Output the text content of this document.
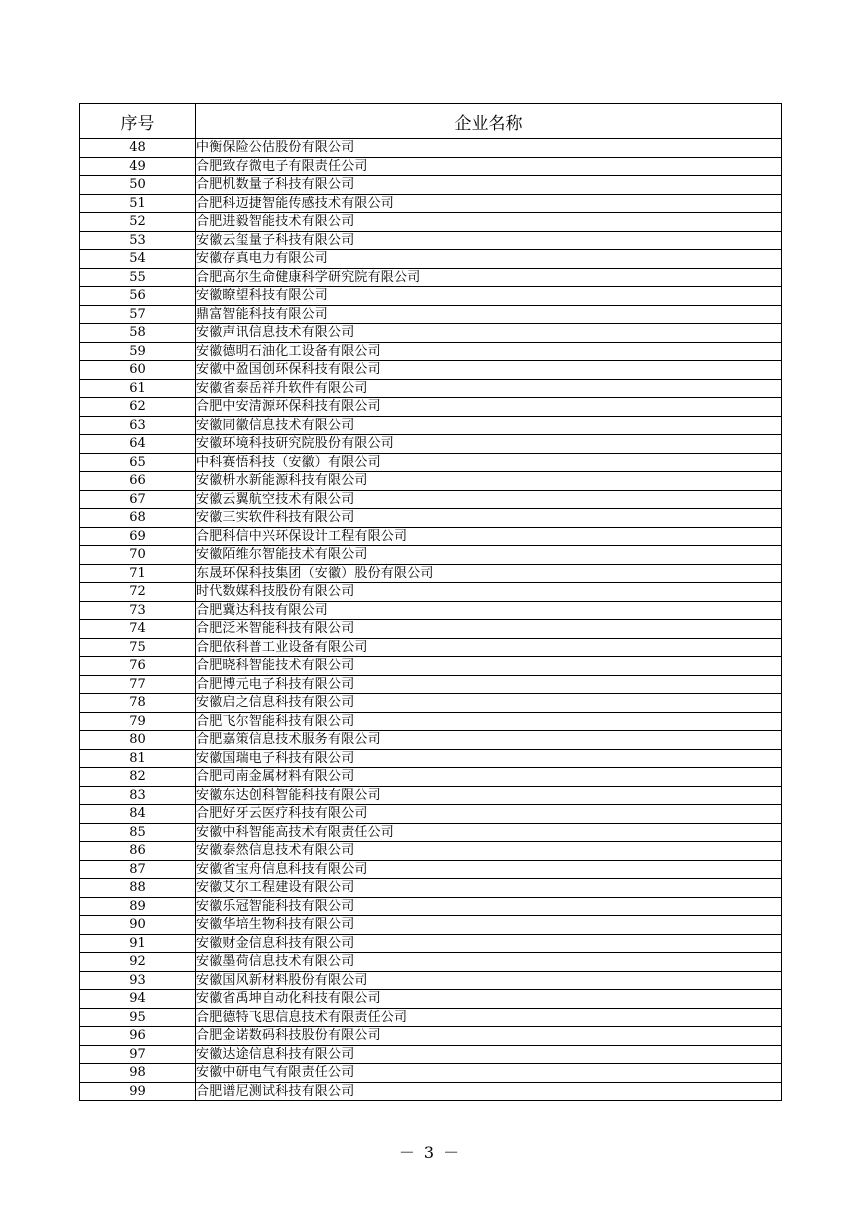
序号	企业名称
48	中衡保险公估股份有限公司
49	合肥致存微电子有限责任公司
50	合肥机数量子科技有限公司
51	合肥科迈捷智能传感技术有限公司
52	合肥进毅智能技术有限公司
53	安徽云玺量子科技有限公司
54	安徽存真电力有限公司
55	合肥高尔生命健康科学研究院有限公司
56	安徽瞭望科技有限公司
57	鼎富智能科技有限公司
58	安徽声讯信息技术有限公司
59	安徽德明石油化工设备有限公司
60	安徽中盈国创环保科技有限公司
61	安徽省泰岳祥升软件有限公司
62	合肥中安清源环保科技有限公司
63	安徽同徽信息技术有限公司
64	安徽环境科技研究院股份有限公司
65	中科赛悟科技（安徽）有限公司
66	安徽枡水新能源科技有限公司
67	安徽云翼航空技术有限公司
68	安徽三实软件科技有限公司
69	合肥科信中兴环保设计工程有限公司
70	安徽陌维尔智能技术有限公司
71	东晟环保科技集团（安徽）股份有限公司
72	时代数媒科技股份有限公司
73	合肥冀达科技有限公司
74	合肥泛米智能科技有限公司
75	合肥依科普工业设备有限公司
76	合肥晓科智能技术有限公司
77	合肥博元电子科技有限公司
78	安徽启之信息科技有限公司
79	合肥飞尔智能科技有限公司
80	合肥嘉策信息技术服务有限公司
81	安徽国瑞电子科技有限公司
82	合肥司南金属材料有限公司
83	安徽东达创科智能科技有限公司
84	合肥好牙云医疗科技有限公司
85	安徽中科智能高技术有限责任公司
86	安徽泰然信息技术有限公司
87	安徽省宝舟信息科技有限公司
88	安徽艾尔工程建设有限公司
89	安徽乐冠智能科技有限公司
90	安徽华培生物科技有限公司
91	安徽财金信息科技有限公司
92	安徽墨荷信息技术有限公司
93	安徽国风新材料股份有限公司
94	安徽省禹坤自动化科技有限公司
95	合肥德特飞思信息技术有限责任公司
96	合肥金诺数码科技股份有限公司
97	安徽达途信息科技有限公司
98	安徽中研电气有限责任公司
99	合肥谱尼测试科技有限公司
－ 3 －
